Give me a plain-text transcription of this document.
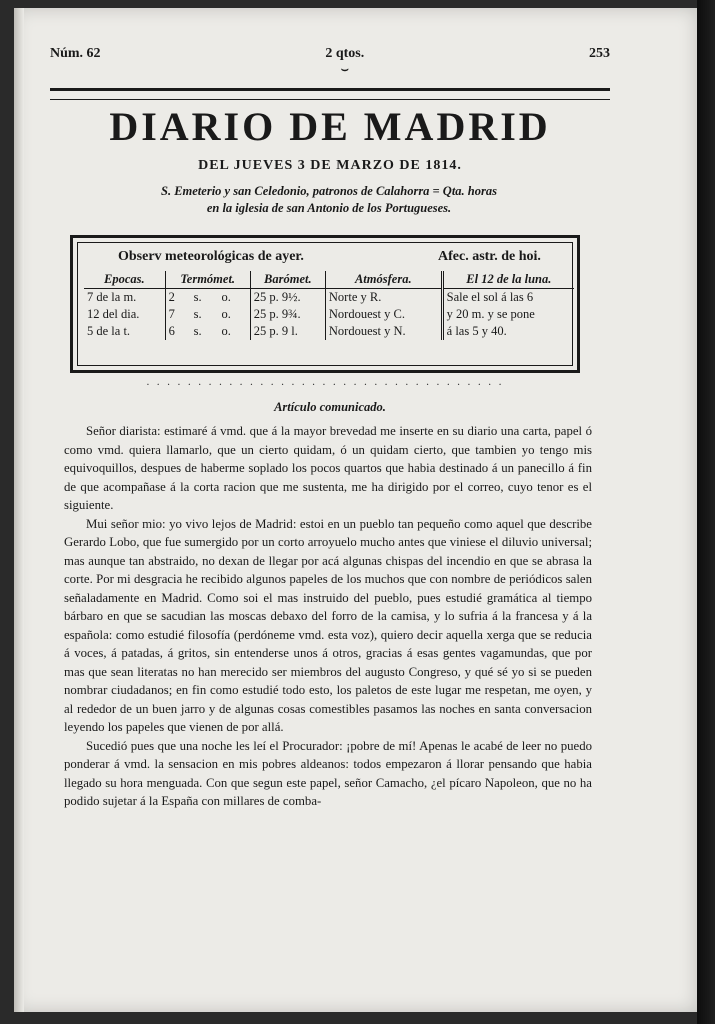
Núm. 62	2 qtos.
⌣
253
DIARIO DE MADRID
DEL JUEVES 3 DE MARZO DE 1814.
S. Emeterio y san Celedonio, patronos de Calahorra = Qta. horas
en la iglesia de san Antonio de los Portugueses.
Observ meteorológicas de ayer.	Afec. astr. de hoi.
Epocas.	Termómet.			Barómet.	Atmósfera.	El 12 de la luna.
7 de la m.	2	s.	o.	25 p. 9½.	Norte y R.	Sale el sol á las 6
12 del dia.	7	s.	o.	25 p. 9¾.	Nordouest y C.	y 20 m. y se pone
5 de la t.	6	s.	o.	25 p. 9 l.	Nordouest y N.	á las 5 y 40.
· · · · · · · · · · · · · · · · · · · · · · · · · · · · · · · · · · ·
Artículo comunicado.

Señor diarista: estimaré á vmd. que á la mayor brevedad me inserte en su diario una carta, papel ó como vmd. quiera llamarlo, que un cierto quidam, ó un quidam cierto, que tambien yo tengo mis equivoquillos, despues de haberme soplado los pocos quartos que habia destinado á un panecillo á fin de que acompañase á la corta racion que me sustenta, me ha dirigido por el correo, cuyo tenor es el siguiente.

Mui señor mio: yo vivo lejos de Madrid: estoi en un pueblo tan pequeño como aquel que describe Gerardo Lobo, que fue sumergido por un corto arroyuelo mucho antes que viniese el diluvio universal; mas aunque tan abstraido, no dexan de llegar por acá algunas chispas del incendio en que se abrasa la corte. Por mi desgracia he recibido algunos papeles de los muchos que con nombre de periódicos salen señaladamente en Madrid. Como soi el mas instruido del pueblo, pues estudié gramática al tiempo bárbaro en que se sacudian las moscas debaxo del forro de la camisa, y lo sufria á la francesa y á la española: como estudié filosofía (perdóneme vmd. esta voz), quiero decir aquella xerga que se reducia á voces, á patadas, á gritos, sin entenderse unos á otros, gracias á esas gentes vagamundas, que por mas que sean literatas no han merecido ser miembros del augusto Congreso, y qué sé yo si se pueden nombrar ciudadanos; en fin como estudié todo esto, los paletos de este lugar me respetan, me oyen, y al rededor de un buen jarro y de algunas cosas comestibles pasamos las noches en santa conversacion leyendo los papeles que vienen de por allá.

Sucedió pues que una noche les leí el Procurador: ¡pobre de mí! Apenas le acabé de leer no puedo ponderar á vmd. la sensacion en mis pobres aldeanos: todos empezaron á llorar pensando que habia llegado su hora menguada. Con que segun este papel, señor Camacho, ¿el pícaro Napoleon, que no ha podido sujetar á la España con millares de comba-
